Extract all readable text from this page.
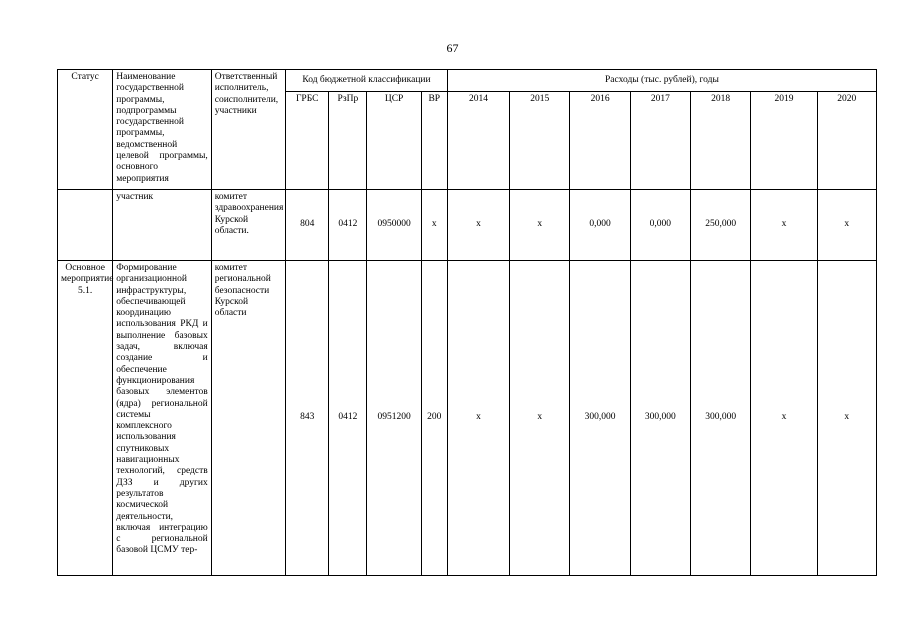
67
Статус	Наименование государственной программы, подпрограммы государственной программы, ведомственной целевой программы, основного мероприятия	Ответственный исполнитель, соисполнители, участники	Код бюджетной классификации				Расходы (тыс. рублей), годы						
			ГРБС	РзПр	ЦСР	ВР	2014	2015	2016	2017	2018	2019	2020
	участник	комитет здравоохранения Курской области.	804	0412	0950000	x	x	x	0,000	0,000	250,000	x	x
Основное мероприятие 5.1.	Формирование организационной инфраструктуры, обеспечивающей координацию использования РКД и выполнение базовых задач, включая создание и обеспечение функционирования базовых элементов (ядра) региональной системы комплексного использования спутниковых навигационных технологий, средств ДЗЗ и других результатов космической деятельности, включая интеграцию с региональной базовой ЦСМУ тер-	комитет региональной безопасности Курской области	843	0412	0951200	200	x	x	300,000	300,000	300,000	x	x
